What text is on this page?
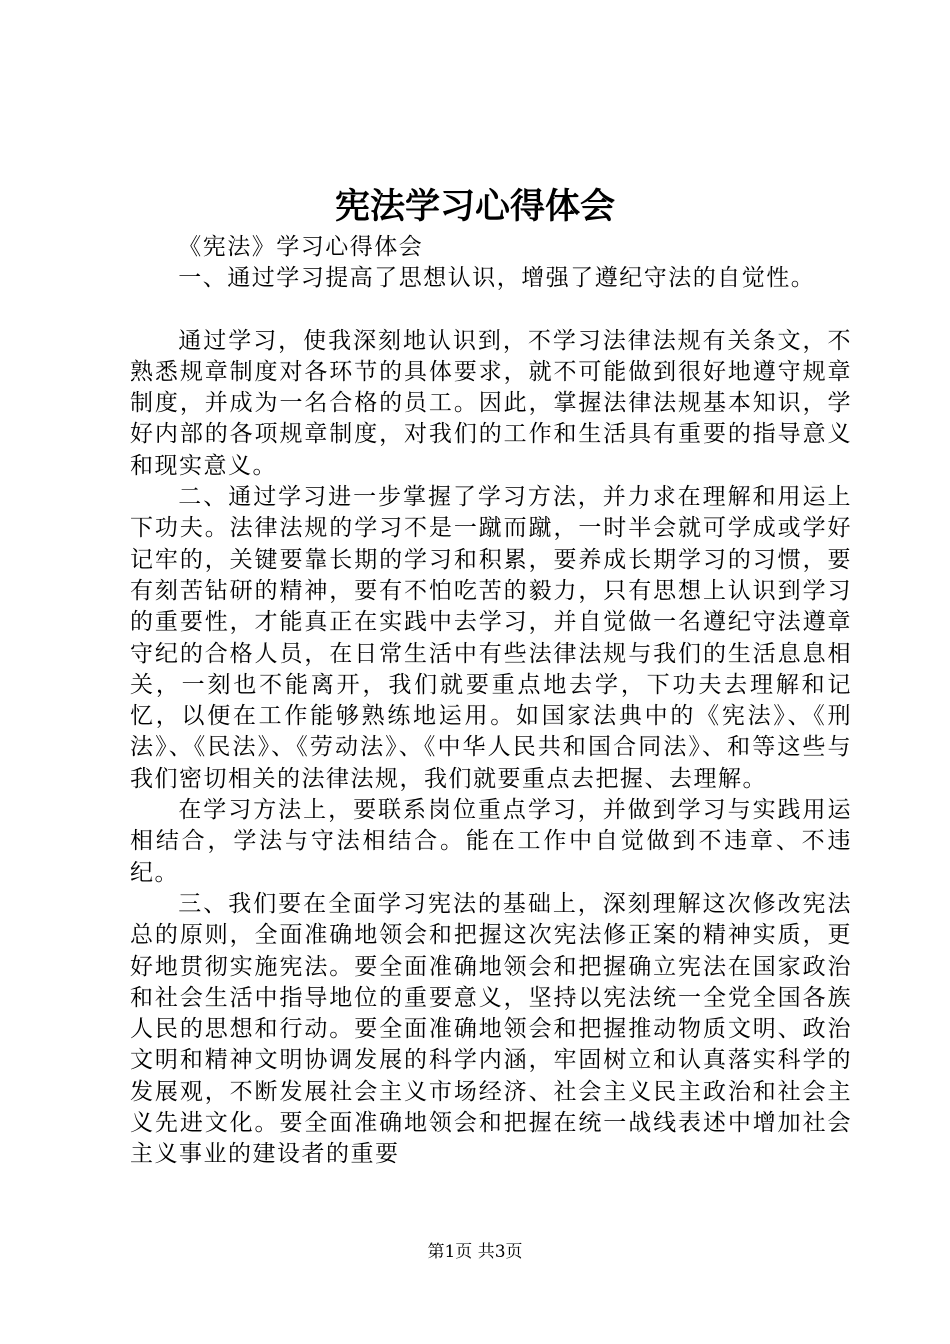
宪法学习心得体会

《宪法》学习心得体会

一、通过学习提高了思想认识，增强了遵纪守法的自觉性。

通过学习，使我深刻地认识到，不学习法律法规有关条文，不熟悉规章制度对各环节的具体要求，就不可能做到很好地遵守规章制度，并成为一名合格的员工。因此，掌握法律法规基本知识，学好内部的各项规章制度，对我们的工作和生活具有重要的指导意义和现实意义。

二、通过学习进一步掌握了学习方法，并力求在理解和用运上下功夫。法律法规的学习不是一蹴而蹴，一时半会就可学成或学好记牢的，关键要靠长期的学习和积累，要养成长期学习的习惯，要有刻苦钻研的精神，要有不怕吃苦的毅力，只有思想上认识到学习的重要性，才能真正在实践中去学习，并自觉做一名遵纪守法遵章守纪的合格人员，在日常生活中有些法律法规与我们的生活息息相关，一刻也不能离开，我们就要重点地去学，下功夫去理解和记忆，以便在工作能够熟练地运用。如国家法典中的《宪法》、《刑法》、《民法》、《劳动法》、《中华人民共和国合同法》、和等这些与我们密切相关的法律法规，我们就要重点去把握、去理解。

在学习方法上，要联系岗位重点学习，并做到学习与实践用运相结合，学法与守法相结合。能在工作中自觉做到不违章、不违纪。

三、我们要在全面学习宪法的基础上，深刻理解这次修改宪法总的原则，全面准确地领会和把握这次宪法修正案的精神实质，更好地贯彻实施宪法。要全面准确地领会和把握确立宪法在国家政治和社会生活中指导地位的重要意义，坚持以宪法统一全党全国各族人民的思想和行动。要全面准确地领会和把握推动物质文明、政治文明和精神文明协调发展的科学内涵，牢固树立和认真落实科学的发展观，不断发展社会主义市场经济、社会主义民主政治和社会主义先进文化。要全面准确地领会和把握在统一战线表述中增加社会主义事业的建设者的重要

第1页 共3页
